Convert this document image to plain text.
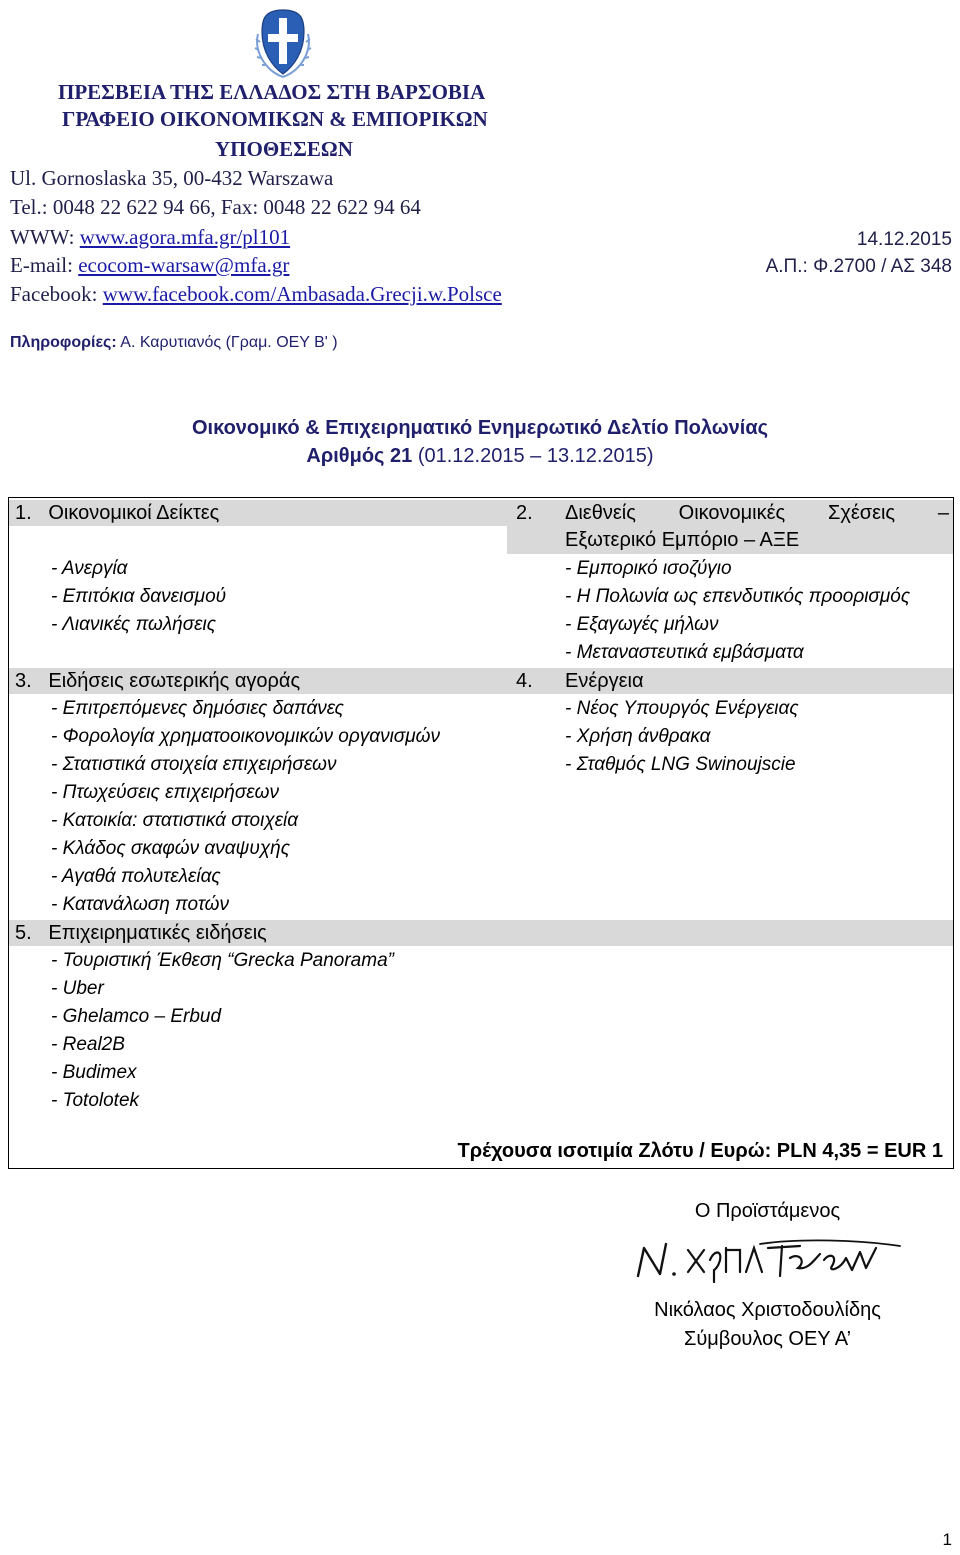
ΠΡΕΣΒΕΙΑ ΤΗΣ ΕΛΛΑΔΟΣ ΣΤΗ ΒΑΡΣΟΒΙΑ
ΓΡΑΦΕΙΟ ΟΙΚΟΝΟΜΙΚΩΝ & ΕΜΠΟΡΙΚΩΝ
ΥΠΟΘΕΣΕΩΝ
Ul. Gornoslaska 35, 00-432 Warszawa
Tel.: 0048 22 622 94 66, Fax: 0048 22 622 94 64
WWW: www.agora.mfa.gr/pl101
E-mail: ecocom-warsaw@mfa.gr
Facebook: www.facebook.com/Ambasada.Grecji.w.Polsce
14.12.2015
Α.Π.: Φ.2700 / ΑΣ 348
Πληροφορίες: Α. Καρυτιανός (Γραμ. ΟΕΥ Β' )
Οικονομικό & Επιχειρηματικό Ενημερωτικό Δελτίο Πολωνίας
Αριθμός 21 (01.12.2015 – 13.12.2015)
1. Οικονομικοί Δείκτες
- Ανεργία
- Επιτόκια δανεισμού
- Λιανικές πωλήσεις
2. Διεθνείς Οικονομικές Σχέσεις –
Εξωτερικό Εμπόριο – ΑΞΕ
- Εμπορικό ισοζύγιο
- Η Πολωνία ως επενδυτικός προορισμός
- Εξαγωγές μήλων
- Μεταναστευτικά εμβάσματα
3. Ειδήσεις εσωτερικής αγοράς
- Επιτρεπόμενες δημόσιες δαπάνες
- Φορολογία χρηματοοικονομικών οργανισμών
- Στατιστικά στοιχεία επιχειρήσεων
- Πτωχεύσεις επιχειρήσεων
- Κατοικία: στατιστικά στοιχεία
- Κλάδος σκαφών αναψυχής
- Αγαθά πολυτελείας
- Κατανάλωση ποτών
4. Ενέργεια
- Νέος Υπουργός Ενέργειας
- Χρήση άνθρακα
- Σταθμός LNG Swinoujscie
5. Επιχειρηματικές ειδήσεις
- Τουριστική Έκθεση “Grecka Panorama”
- Uber
- Ghelamco – Erbud
- Real2B
- Budimex
- Totolotek
Τρέχουσα ισοτιμία Ζλότυ / Ευρώ: PLN 4,35 = EUR 1
Ο Προϊστάμενος
Νικόλαος Χριστοδουλίδης
Σύμβουλος ΟΕΥ Α’
1
